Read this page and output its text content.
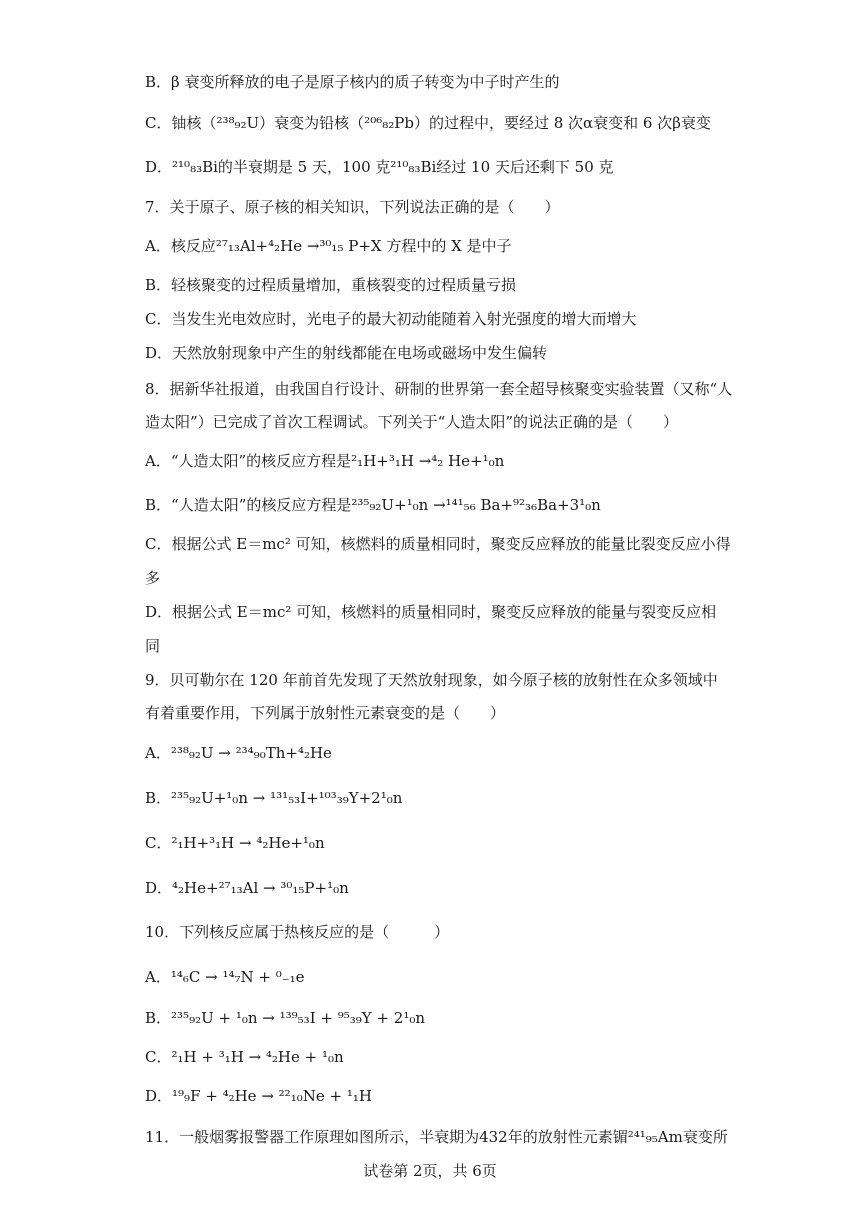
B．β 衰变所释放的电子是原子核内的质子转变为中子时产生的
C．铀核（²³⁸₉₂U）衰变为铅核（²⁰⁶₈₂Pb）的过程中，要经过 8 次α衰变和 6 次β衰变
D．²¹⁰₈₃Bi的半衰期是 5 天，100 克²¹⁰₈₃Bi经过 10 天后还剩下 50 克
7．关于原子、原子核的相关知识，下列说法正确的是（　　）
A．核反应²⁷₁₃Al+⁴₂He →³⁰₁₅ P+X 方程中的 X 是中子
B．轻核聚变的过程质量增加，重核裂变的过程质量亏损
C．当发生光电效应时，光电子的最大初动能随着入射光强度的增大而增大
D．天然放射现象中产生的射线都能在电场或磁场中发生偏转
8．据新华社报道，由我国自行设计、研制的世界第一套全超导核聚变实验装置（又称“人
造太阳”）已完成了首次工程调试。下列关于“人造太阳”的说法正确的是（　　）
A．“人造太阳”的核反应方程是²₁H+³₁H →⁴₂ He+¹₀n
B．“人造太阳”的核反应方程是²³⁵₉₂U+¹₀n →¹⁴¹₅₆ Ba+⁹²₃₆Ba+3¹₀n
C．根据公式 E＝mc² 可知，核燃料的质量相同时，聚变反应释放的能量比裂变反应小得
多
D．根据公式 E＝mc² 可知，核燃料的质量相同时，聚变反应释放的能量与裂变反应相
同
9．贝可勒尔在 120 年前首先发现了天然放射现象，如今原子核的放射性在众多领域中
有着重要作用，下列属于放射性元素衰变的是（　　）
A．²³⁸₉₂U → ²³⁴₉₀Th+⁴₂He
B．²³⁵₉₂U+¹₀n → ¹³¹₅₃I+¹⁰³₃₉Y+2¹₀n
C．²₁H+³₁H → ⁴₂He+¹₀n
D．⁴₂He+²⁷₁₃Al → ³⁰₁₅P+¹₀n
10．下列核反应属于热核反应的是（　　　）
A．¹⁴₆C → ¹⁴₇N + ⁰₋₁e
B．²³⁵₉₂U + ¹₀n → ¹³⁹₅₃I + ⁹⁵₃₉Y + 2¹₀n
C．²₁H + ³₁H → ⁴₂He + ¹₀n
D．¹⁹₉F + ⁴₂He → ²²₁₀Ne + ¹₁H
11．一般烟雾报警器工作原理如图所示，半衰期为432年的放射性元素镅²⁴¹₉₅Am衰变所
试卷第 2页，共 6页
